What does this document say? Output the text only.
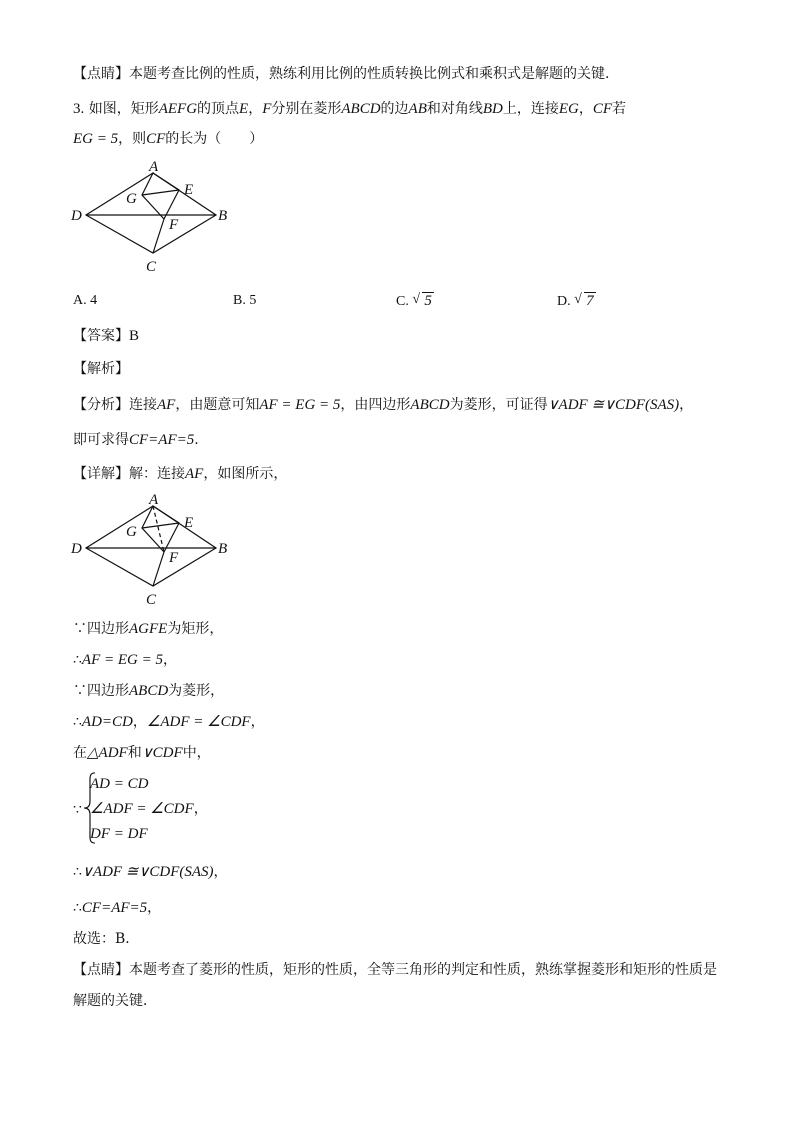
【点睛】本题考查比例的性质，熟练利用比例的性质转换比例式和乘积式是解题的关键.
3. 如图，矩形AEFG的顶点E，F分别在菱形ABCD的边AB和对角线BD上，连接EG，CF若
EG = 5，则CF的长为（　　）
A
G
E
D
F
B
C
A. 4	B. 5	C. √ 5	D. √ 7
【答案】B
【解析】
【分析】连接AF，由题意可知AF = EG = 5，由四边形ABCD为菱形，可证得∨ADF ≅∨CDF(SAS)，
即可求得CF=AF=5.
【详解】解：连接AF，如图所示，
A
G
E
D
F
B
C
∵四边形AGFE为矩形，
∴AF = EG = 5，
∵四边形ABCD为菱形，
∴AD=CD，∠ADF = ∠CDF，
在△ADF和∨CDF中，
∵
AD = CD
∠ADF = ∠CDF，
DF = DF
∴∨ADF ≅∨CDF(SAS)，
∴CF=AF=5，
故选：B．
【点睛】本题考查了菱形的性质，矩形的性质，全等三角形的判定和性质，熟练掌握菱形和矩形的性质是
解题的关键．
